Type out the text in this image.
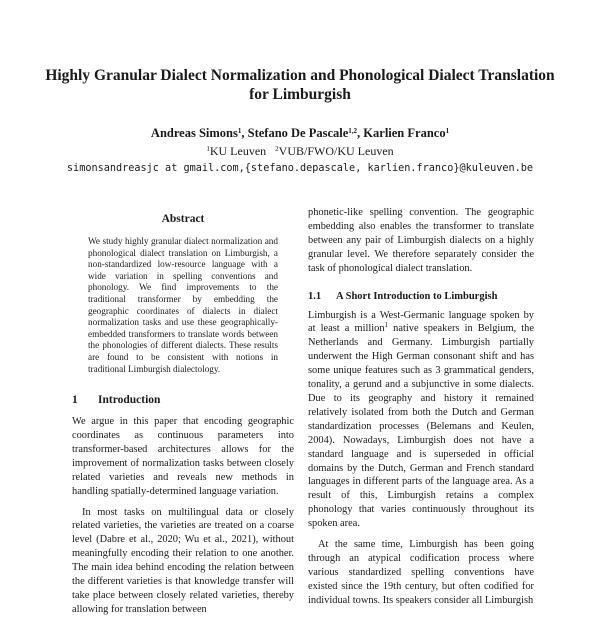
Highly Granular Dialect Normalization and Phonological Dialect Translation for Limburgish
Andreas Simons$^1$, Stefano De Pascale$^{1,2}$, Karlien Franco$^1$
$^1$KU Leuven $^2$VUB/FWO/KU Leuven
simonsandreasjc at gmail.com,{stefano.depascale, karlien.franco}@kuleuven.be
Abstract

We study highly granular dialect normalization and phonological dialect translation on Limburgish, a non-standardized low-resource language with a wide variation in spelling conventions and phonology. We find improvements to the traditional transformer by embedding the geographic coordinates of dialects in dialect normalization tasks and use these geographically-embedded transformers to translate words between the phonologies of different dialects. These results are found to be consistent with notions in traditional Limburgish dialectology.

1	Introduction

We argue in this paper that encoding geographic coordinates as continuous parameters into transformer-based architectures allows for the improvement of normalization tasks between closely related varieties and reveals new methods in handling spatially-determined language variation.

In most tasks on multilingual data or closely related varieties, the varieties are treated on a coarse level (Dabre et al., 2020; Wu et al., 2021), without meaningfully encoding their relation to one another. The main idea behind encoding the relation between the different varieties is that knowledge transfer will take place between closely related varieties, thereby allowing for translation between

phonetic-like spelling convention. The geographic embedding also enables the transformer to translate between any pair of Limburgish dialects on a highly granular level. We therefore separately consider the task of phonological dialect translation.

1.1	A Short Introduction to Limburgish

Limburgish is a West-Germanic language spoken by at least a million$^1$ native speakers in Belgium, the Netherlands and Germany. Limburgish partially underwent the High German consonant shift and has some unique features such as 3 grammatical genders, tonality, a gerund and a subjunctive in some dialects. Due to its geography and history it remained relatively isolated from both the Dutch and German standardization processes (Belemans and Keulen, 2004). Nowadays, Limburgish does not have a standard language and is superseded in official domains by the Dutch, German and French standard languages in different parts of the language area. As a result of this, Limburgish retains a complex phonology that varies continuously throughout its spoken area.

At the same time, Limburgish has been going through an atypical codification process where various standardized spelling conventions have existed since the 19th century, but often codified for individual towns. Its speakers consider all Limburgish
